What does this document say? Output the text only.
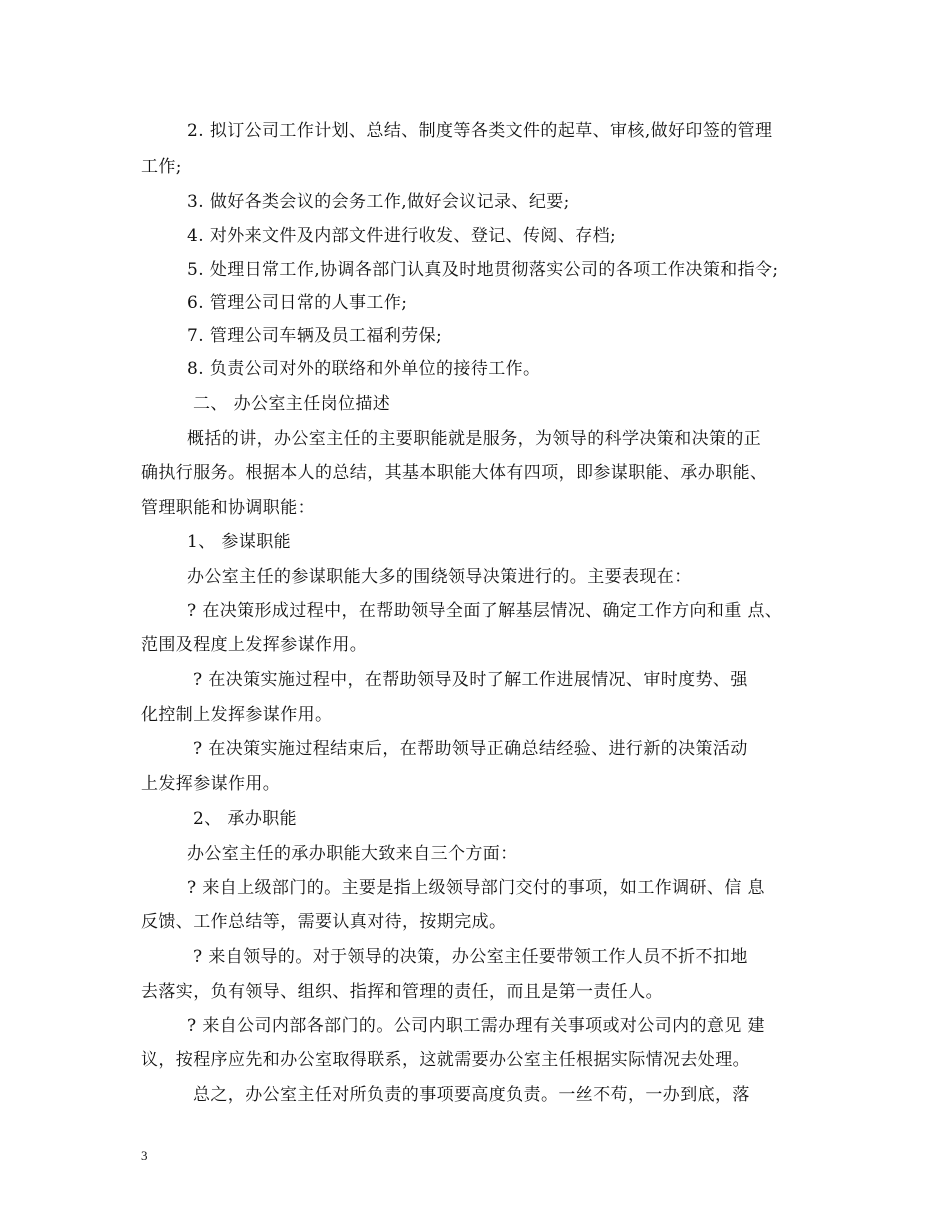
2. 拟订公司工作计划、总结、制度等各类文件的起草、审核,做好印签的管理
工作;
3. 做好各类会议的会务工作,做好会议记录、纪要;
4. 对外来文件及内部文件进行收发、登记、传阅、存档;
5. 处理日常工作,协调各部门认真及时地贯彻落实公司的各项工作决策和指令;
6. 管理公司日常的人事工作;
7. 管理公司车辆及员工福利劳保;
8. 负责公司对外的联络和外单位的接待工作。
二、 办公室主任岗位描述
概括的讲，办公室主任的主要职能就是服务，为领导的科学决策和决策的正
确执行服务。根据本人的总结，其基本职能大体有四项，即参谋职能、承办职能、
管理职能和协调职能：
1、 参谋职能
办公室主任的参谋职能大多的围绕领导决策进行的。主要表现在：
? 在决策形成过程中，在帮助领导全面了解基层情况、确定工作方向和重 点、
范围及程度上发挥参谋作用。
? 在决策实施过程中，在帮助领导及时了解工作进展情况、审时度势、强
化控制上发挥参谋作用。
? 在决策实施过程结束后，在帮助领导正确总结经验、进行新的决策活动
上发挥参谋作用。
2、 承办职能
办公室主任的承办职能大致来自三个方面：
? 来自上级部门的。主要是指上级领导部门交付的事项，如工作调研、信 息
反馈、工作总结等，需要认真对待，按期完成。
? 来自领导的。对于领导的决策，办公室主任要带领工作人员不折不扣地
去落实，负有领导、组织、指挥和管理的责任，而且是第一责任人。
? 来自公司内部各部门的。公司内职工需办理有关事项或对公司内的意见 建
议，按程序应先和办公室取得联系，这就需要办公室主任根据实际情况去处理。
总之，办公室主任对所负责的事项要高度负责。一丝不苟，一办到底，落
3
